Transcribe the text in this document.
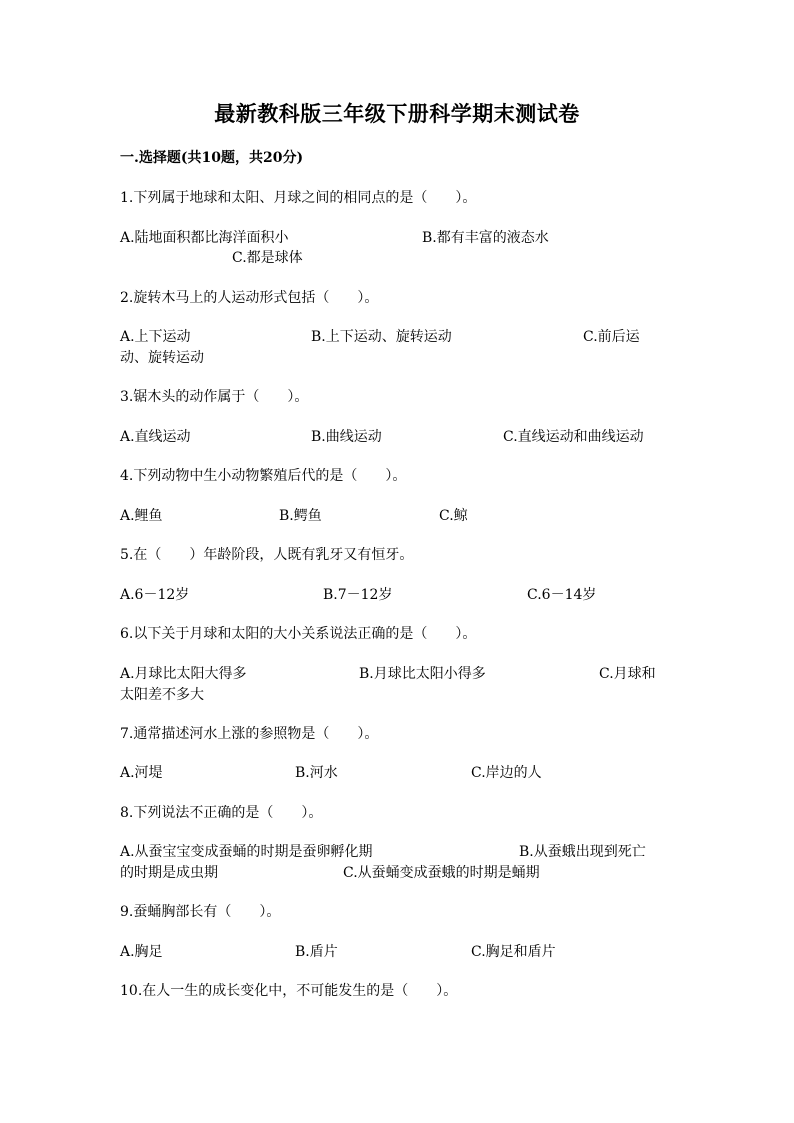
最新教科版三年级下册科学期末测试卷
一.选择题(共10题，共20分)
1.下列属于地球和太阳、月球之间的相同点的是（　　）。
A.陆地面积都比海洋面积小	B.都有丰富的液态水
C.都是球体
2.旋转木马上的人运动形式包括（　　）。
A.上下运动	B.上下运动、旋转运动	C.前后运
动、旋转运动
3.锯木头的动作属于（　　）。
A.直线运动	B.曲线运动	C.直线运动和曲线运动
4.下列动物中生小动物繁殖后代的是（　　）。
A.鲤鱼	B.鳄鱼	C.鲸
5.在（　　）年龄阶段，人既有乳牙又有恒牙。
A.6－12岁	B.7－12岁	C.6－14岁
6.以下关于月球和太阳的大小关系说法正确的是（　　）。
A.月球比太阳大得多	B.月球比太阳小得多	C.月球和
太阳差不多大
7.通常描述河水上涨的参照物是（　　）。
A.河堤	B.河水	C.岸边的人
8.下列说法不正确的是（　　）。
A.从蚕宝宝变成蚕蛹的时期是蚕卵孵化期	B.从蚕蛾出现到死亡
的时期是成虫期	C.从蚕蛹变成蚕蛾的时期是蛹期
9.蚕蛹胸部长有（　　）。
A.胸足	B.盾片	C.胸足和盾片
10.在人一生的成长变化中，不可能发生的是（　　）。
